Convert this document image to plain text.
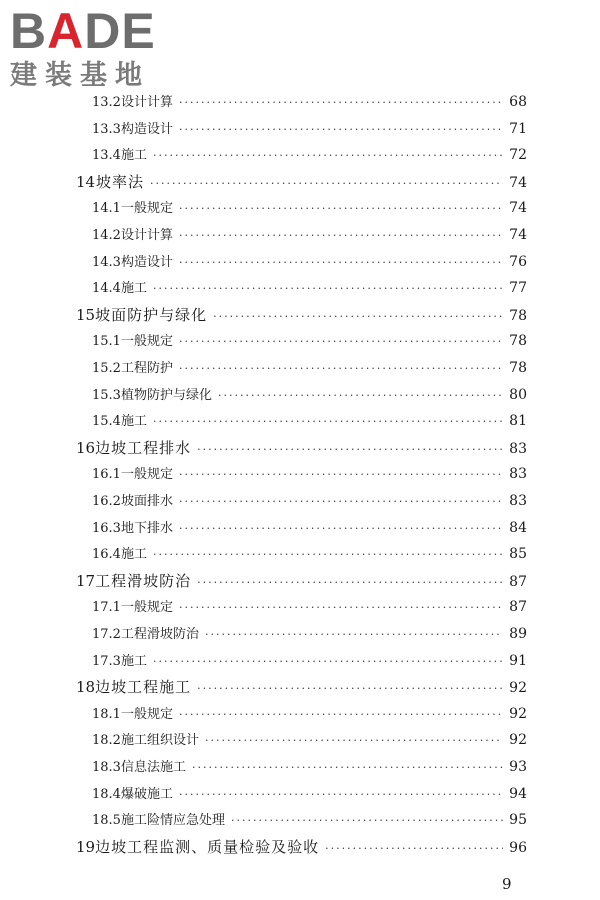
BADE
建装基地
13.2 设计计算 ·····	68
13.3 构造设计 ·····	71
13.4 施工 ·····	72
14 坡率法 ·····	74
14.1 一般规定 ·····	74
14.2 设计计算 ·····	74
14.3 构造设计 ·····	76
14.4 施工 ·····	77
15 坡面防护与绿化 ·····	78
15.1 一般规定 ·····	78
15.2 工程防护 ·····	78
15.3 植物防护与绿化 ·····	80
15.4 施工 ·····	81
16 边坡工程排水 ·····	83
16.1 一般规定 ·····	83
16.2 坡面排水 ·····	83
16.3 地下排水 ·····	84
16.4 施工 ·····	85
17 工程滑坡防治 ·····	87
17.1 一般规定 ·····	87
17.2 工程滑坡防治 ·····	89
17.3 施工 ·····	91
18 边坡工程施工 ·····	92
18.1 一般规定 ·····	92
18.2 施工组织设计 ·····	92
18.3 信息法施工 ·····	93
18.4 爆破施工 ·····	94
18.5 施工险情应急处理 ·····	95
19 边坡工程监测、质量检验及验收 ·····	96
9
